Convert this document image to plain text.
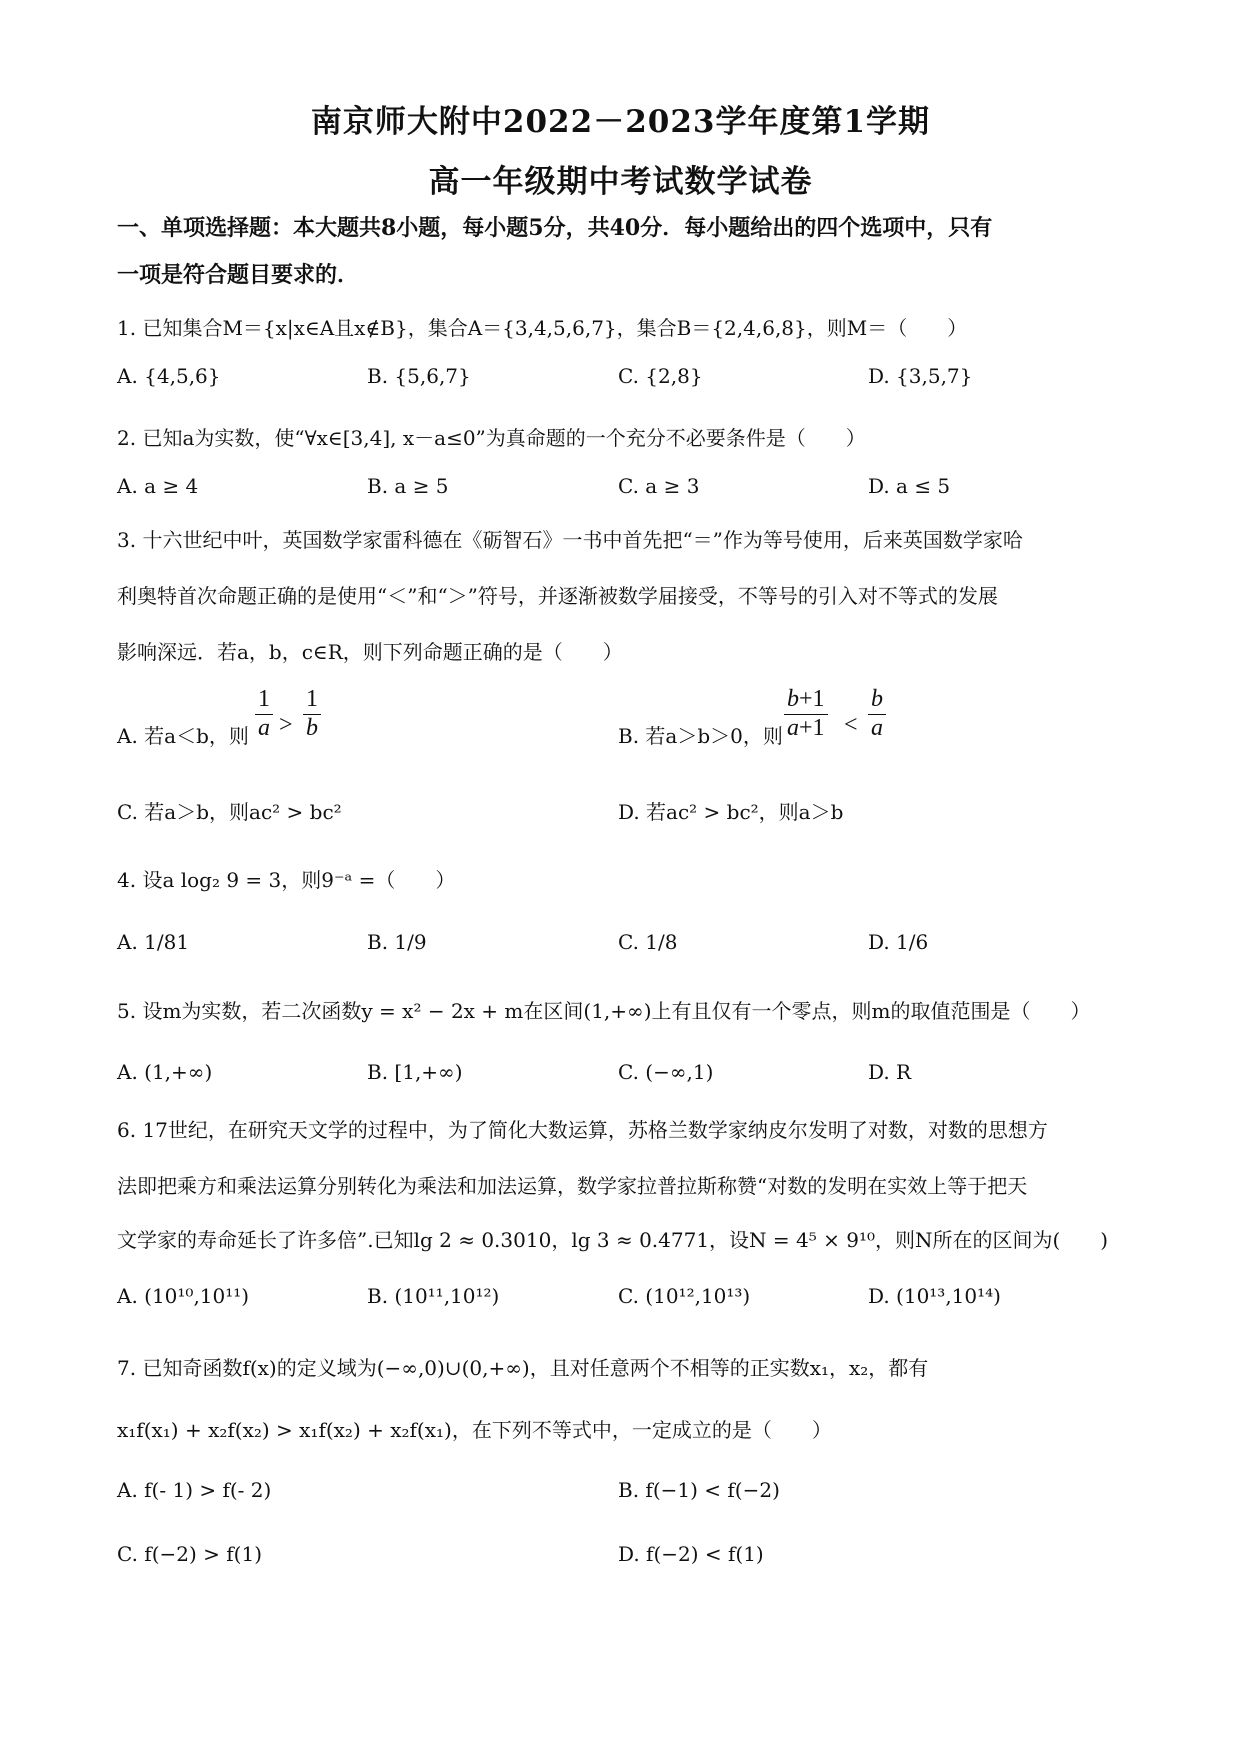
南京师大附中2022－2023学年度第1学期
高一年级期中考试数学试卷
一、单项选择题：本大题共8小题，每小题5分，共40分．每小题给出的四个选项中，只有
一项是符合题目要求的．
1. 已知集合M＝{x|x∈A且x∉B}，集合A＝{3,4,5,6,7}，集合B＝{2,4,6,8}，则M＝（　　）
A. {4,5,6}	B. {5,6,7}	C. {2,8}	D. {3,5,7}
2. 已知a为实数，使“∀x∈[3,4], x－a≤0”为真命题的一个充分不必要条件是（　　）
A. a ≥ 4	B. a ≥ 5	C. a ≥ 3	D. a ≤ 5
3. 十六世纪中叶，英国数学家雷科德在《砺智石》一书中首先把“＝”作为等号使用，后来英国数学家哈
利奥特首次命题正确的是使用“＜”和“＞”符号，并逐渐被数学届接受，不等号的引入对不等式的发展
影响深远．若a，b，c∈R，则下列命题正确的是（　　）
A. 若a＜b，则 $\frac{1}{a} > \frac{1}{b}$	B. 若a＞b＞0，则 $\frac{b+1}{a+1} < \frac{b}{a}$
C. 若a＞b，则ac² > bc²	D. 若ac² > bc²，则a＞b
4. 设a log₂ 9 = 3，则9⁻ᵃ =（　　）
A. 1/81	B. 1/9	C. 1/8	D. 1/6
5. 设m为实数，若二次函数y = x² − 2x + m在区间(1,+∞)上有且仅有一个零点，则m的取值范围是（　　）
A. (1,+∞)	B. [1,+∞)	C. (−∞,1)	D. R
6. 17世纪，在研究天文学的过程中，为了简化大数运算，苏格兰数学家纳皮尔发明了对数，对数的思想方
法即把乘方和乘法运算分别转化为乘法和加法运算，数学家拉普拉斯称赞“对数的发明在实效上等于把天
文学家的寿命延长了许多倍”.已知lg 2 ≈ 0.3010，lg 3 ≈ 0.4771，设N = 4⁵ × 9¹⁰，则N所在的区间为(　　)
A. (10¹⁰,10¹¹)	B. (10¹¹,10¹²)	C. (10¹²,10¹³)	D. (10¹³,10¹⁴)
7. 已知奇函数f(x)的定义域为(−∞,0)∪(0,+∞)，且对任意两个不相等的正实数x₁，x₂，都有
x₁f(x₁) + x₂f(x₂) > x₁f(x₂) + x₂f(x₁)，在下列不等式中，一定成立的是（　　）
A. f(- 1) > f(- 2)	B. f(−1) < f(−2)
C. f(−2) > f(1)	D. f(−2) < f(1)
